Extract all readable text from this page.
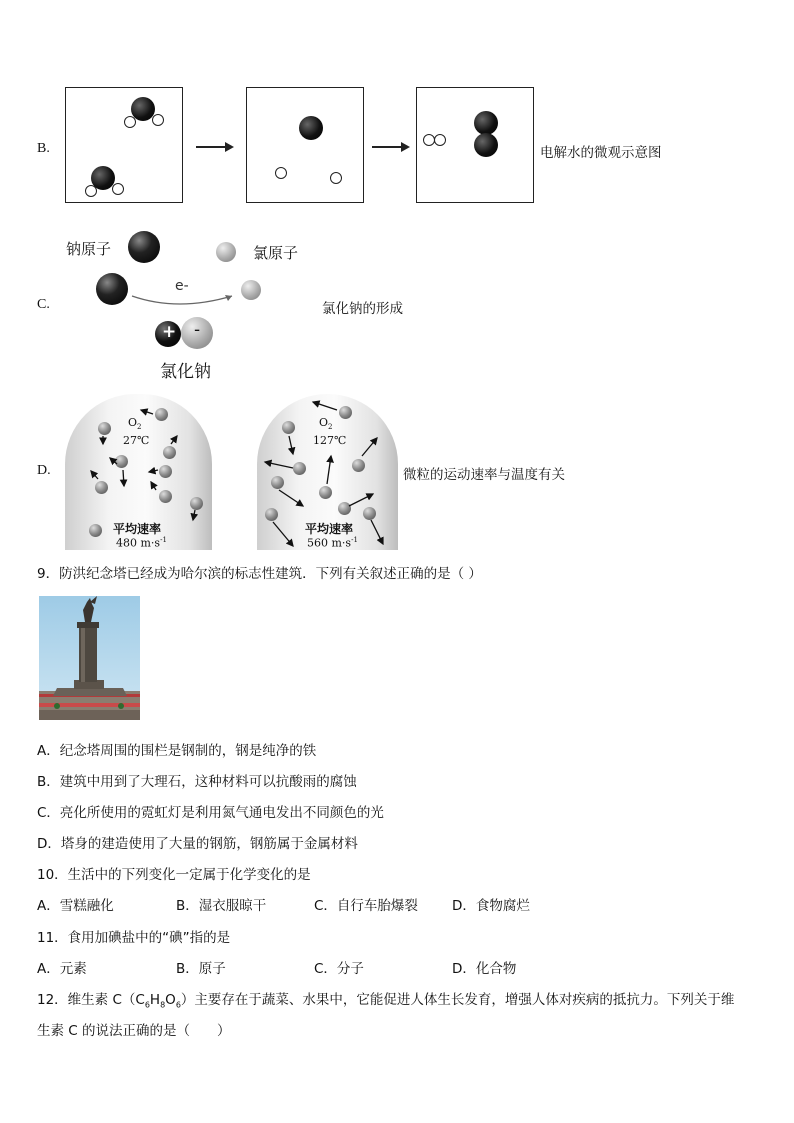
B.	电解水的微观示意图
钠原子	氯原子
C.
e-
+ -
氯化钠
氯化钠的形成
D.
$O_2$
27℃
平均速率
480 $m\cdot s^{-1}$
$O_2$
127℃
平均速率
560 $m\cdot s^{-1}$
微粒的运动速率与温度有关
9．防洪纪念塔已经成为哈尔滨的标志性建筑．下列有关叙述正确的是（ ）
A．纪念塔周围的围栏是钢制的，钢是纯净的铁
B．建筑中用到了大理石，这种材料可以抗酸雨的腐蚀
C．亮化所使用的霓虹灯是利用氮气通电发出不同颜色的光
D．塔身的建造使用了大量的钢筋，钢筋属于金属材料
10．生活中的下列变化一定属于化学变化的是
A．雪糕融化	B．湿衣服晾干	C．自行车胎爆裂	D．食物腐烂
11．食用加碘盐中的“碘”指的是
A．元素	B．原子	C．分子	D．化合物
12．维生素 $C(C_6H_8O_6)$主要存在于蔬菜、水果中，它能促进人体生长发育，增强人体对疾病的抵抗力。下列关于维
生素 C 的说法正确的是（　　）
